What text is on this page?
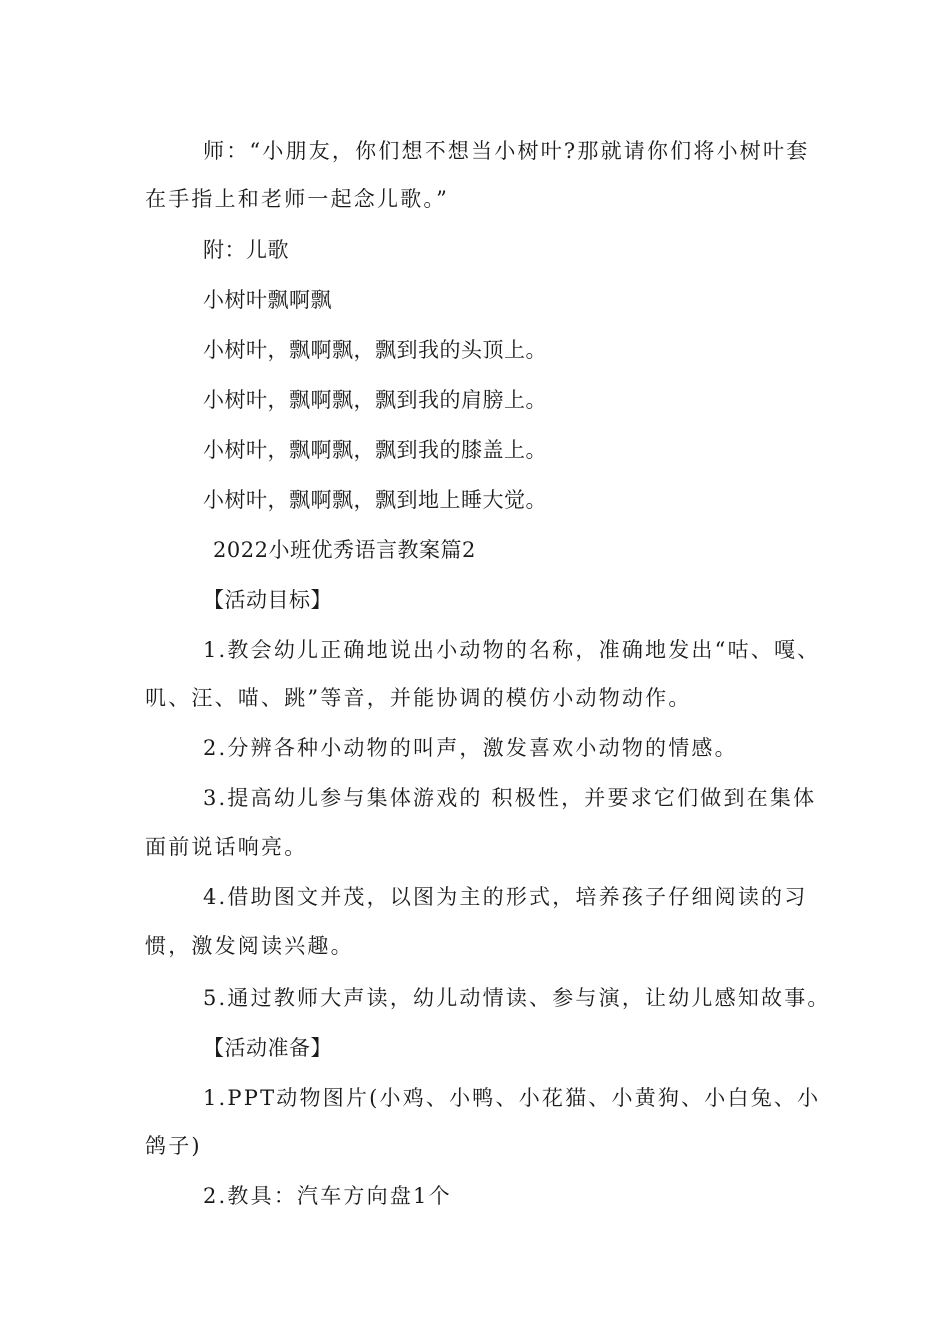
师：“小朋友，你们想不想当小树叶?那就请你们将小树叶套
在手指上和老师一起念儿歌。”
附：儿歌
小树叶飘啊飘
小树叶，飘啊飘，飘到我的头顶上。
小树叶，飘啊飘，飘到我的肩膀上。
小树叶，飘啊飘，飘到我的膝盖上。
小树叶，飘啊飘，飘到地上睡大觉。
2022小班优秀语言教案篇2
【活动目标】
1.教会幼儿正确地说出小动物的名称，准确地发出“咕、嘎、
叽、汪、喵、跳”等音，并能协调的模仿小动物动作。
2.分辨各种小动物的叫声，激发喜欢小动物的情感。
3.提高幼儿参与集体游戏的 积极性，并要求它们做到在集体
面前说话响亮。
4.借助图文并茂，以图为主的形式，培养孩子仔细阅读的习
惯，激发阅读兴趣。
5.通过教师大声读，幼儿动情读、参与演，让幼儿感知故事。
【活动准备】
1.PPT动物图片(小鸡、小鸭、小花猫、小黄狗、小白兔、小
鸽子)
2.教具：汽车方向盘1个
